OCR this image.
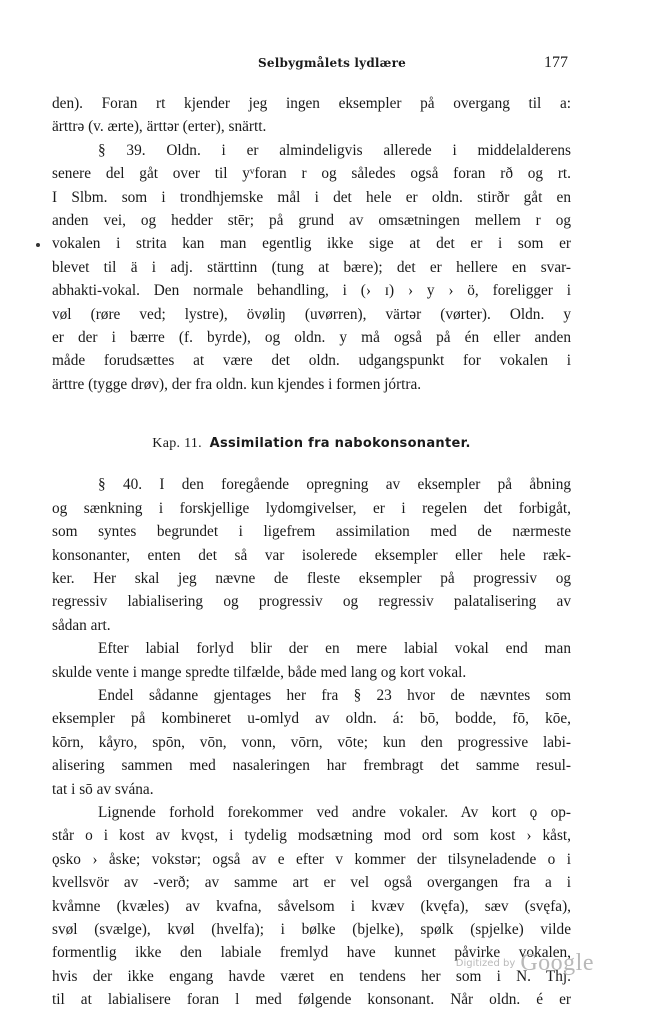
Selbygmålets lydlære	177
den). Foran rt kjender jeg ingen eksempler på overgang til a:
ärttrə (v. ærte), ärttər (erter), snärtt.
§ 39. Oldn. i er almindeligvis allerede i middelalderens
senere del gåt over til yᵛforan r og således også foran rð og rt.
I Slbm. som i trondhjemske mål i det hele er oldn. stirðr gåt en
anden vei, og hedder stēr; på grund av omsætningen mellem r og
vokalen i strita kan man egentlig ikke sige at det er i som er
blevet til ä i adj. stärttinn (tung at bære); det er hellere en svar-
abhakti-vokal. Den normale behandling, i (› ɪ) › y › ö, foreligger i
vøl (røre ved; lystre), övøliŋ (uvørren), värtər (vørter). Oldn. y
er der i bærre (f. byrde), og oldn. y må også på én eller anden
måde forudsættes at være det oldn. udgangspunkt for vokalen i
ärttre (tygge drøv), der fra oldn. kun kjendes i formen jórtra.
Kap. 11. Assimilation fra nabokonsonanter.
§ 40. I den foregående opregning av eksempler på åbning
og sænkning i forskjellige lydomgivelser, er i regelen det forbigåt,
som syntes begrundet i ligefrem assimilation med de nærmeste
konsonanter, enten det så var isolerede eksempler eller hele ræk-
ker. Her skal jeg nævne de fleste eksempler på progressiv og
regressiv labialisering og progressiv og regressiv palatalisering av
sådan art.
Efter labial forlyd blir der en mere labial vokal end man
skulde vente i mange spredte tilfælde, både med lang og kort vokal.
Endel sådanne gjentages her fra § 23 hvor de nævntes som
eksempler på kombineret u-omlyd av oldn. á: bō, bodde, fō, kōe,
kōrn, kåyro, spōn, vōn, vonn, vōrn, vōte; kun den progressive labi-
alisering sammen med nasaleringen har frembragt det samme resul-
tat i sō av svána.
Lignende forhold forekommer ved andre vokaler. Av kort ǫ op-
står o i kost av kvǫst, i tydelig modsætning mod ord som kost › kåst,
ǫsko › åske; vokstər; også av e efter v kommer der tilsyneladende o i
kvellsvör av -verð; av samme art er vel også overgangen fra a i
kvåmne (kvæles) av kvafna, såvelsom i kvæv (kvęfa), sæv (svęfa),
svøl (svælge), kvøl (hvelfa); i bølke (bjelke), spølk (spjelke) vilde
formentlig ikke den labiale fremlyd have kunnet påvirke vokalen,
hvis der ikke engang havde været en tendens her som i N. Thj.
til at labialisere foran l med følgende konsonant. Når oldn. é er
Digitized by Google
